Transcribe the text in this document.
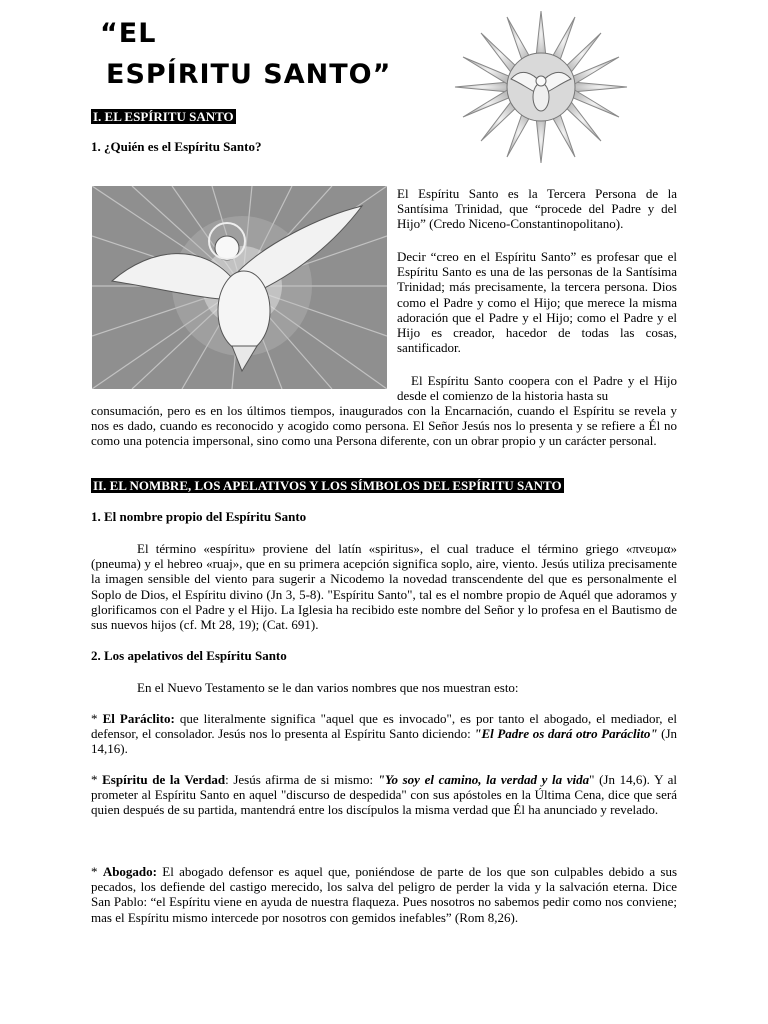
“EL
ESPÍRITU SANTO”
I. EL ESPÍRITU SANTO
1. ¿Quién es el Espíritu Santo?
El Espíritu Santo es la Tercera Persona de la Santísima Trinidad, que “procede del Padre y del Hijo” (Credo Niceno-Constantinopolitano).
Decir “creo en el Espíritu Santo” es profesar que el Espíritu Santo es una de las personas de la Santísima Trinidad; más precisamente, la tercera persona. Dios como el Padre y como el Hijo; que merece la misma adoración que el Padre y el Hijo; como el Padre y el Hijo es creador, hacedor de todas las cosas, santificador.
El Espíritu Santo coopera con el Padre y el Hijo desde el comienzo de la historia hasta su
consumación, pero es en los últimos tiempos, inaugurados con la Encarnación, cuando el Espíritu se revela y nos es dado, cuando es reconocido y acogido como persona. El Señor Jesús nos lo presenta y se refiere a Él no como una potencia impersonal, sino como una Persona diferente, con un obrar propio y un carácter personal.
II. EL NOMBRE, LOS APELATIVOS Y LOS SÍMBOLOS DEL ESPÍRITU SANTO
1. El nombre propio del Espíritu Santo
El término «espíritu» proviene del latín «spiritus», el cual traduce el término griego «πνευμα» (pneuma) y el hebreo «ruaj», que en su primera acepción significa soplo, aire, viento. Jesús utiliza precisamente la imagen sensible del viento para sugerir a Nicodemo la novedad transcendente del que es personalmente el Soplo de Dios, el Espíritu divino (Jn 3, 5-8). "Espíritu Santo", tal es el nombre propio de Aquél que adoramos y glorificamos con el Padre y el Hijo. La Iglesia ha recibido este nombre del Señor y lo profesa en el Bautismo de sus nuevos hijos (cf. Mt 28, 19); (Cat. 691).
2. Los apelativos del Espíritu Santo
En el Nuevo Testamento se le dan varios nombres que nos muestran esto:
* El Paráclito: que literalmente significa "aquel que es invocado", es por tanto el abogado, el mediador, el defensor, el consolador. Jesús nos lo presenta al Espíritu Santo diciendo: "El Padre os dará otro Paráclito" (Jn 14,16).
* Espíritu de la Verdad: Jesús afirma de si mismo: "Yo soy el camino, la verdad y la vida" (Jn 14,6). Y al prometer al Espíritu Santo en aquel "discurso de despedida" con sus apóstoles en la Última Cena, dice que será quien después de su partida, mantendrá entre los discípulos la misma verdad que Él ha anunciado y revelado.
* Abogado: El abogado defensor es aquel que, poniéndose de parte de los que son culpables debido a sus pecados, los defiende del castigo merecido, los salva del peligro de perder la vida y la salvación eterna. Dice San Pablo: “el Espíritu viene en ayuda de nuestra flaqueza. Pues nosotros no sabemos pedir como nos conviene; mas el Espíritu mismo intercede por nosotros con gemidos inefables” (Rom 8,26).
